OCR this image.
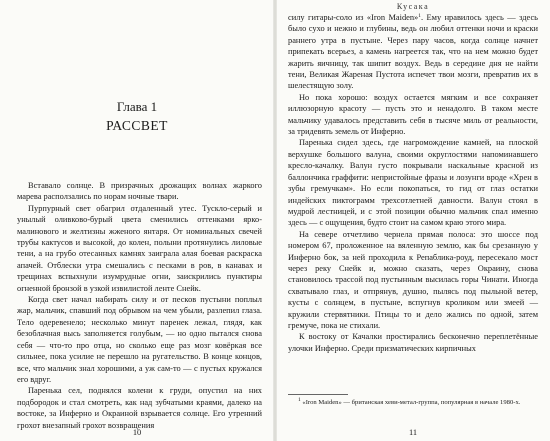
Глава 1
РАССВЕТ

Вставало солнце. В призрачных дрожащих волнах жаркого марева расползались по норам ночные твари.

Пурпурный свет обагрил отдаленный утес. Тускло-серый и унылый оливково-бурый цвета сменились оттенками ярко-малинового и желтизны жженого янтаря. От номинальных свечей трубы кактусов и высокой, до колен, полыни протянулись лиловые тени, а на грубо отесанных камнях заиграла алая боевая раскраска апачей. Отблески утра смешались с песками в ров, в канавах и трещинах вспыхнули изумрудные огни, заискрились пунктиры огненной бронзой в узкой извилистой ленте Снейк.

Когда свет начал набирать силу и от песков пустыни поплыл жар, мальчик, спавший под обрывом на чем убыли, разлепил глаза. Тело одеревенело; несколько минут паренек лежал, глядя, как безоблачная высь заполняется голубым, — но одно пытался снова себя — что-то про отца, но сколько еще раз мозг ковёркая все сильнее, пока усилие не перешло на ругательство. В конце концов, все, что мальчик знал хорошими, а уж сам-то — с пустых кружался его вдруг.

Паренька сел, поднялся колени к груди, опустил на них подбородок и стал смотреть, как над зубчатыми краями, далеко на востоке, за Инферно и Окраиной взрывается солнце. Его утренний грохот внезапный грохот возвращения

10
Кусака

силу гитары-соло из «Iron Maiden»$^1$. Ему нравилось здесь — здесь было сухо и нежно и глубины, ведь он любил оттенки ночи и краски раннего утра в пустыне. Через пару часов, когда солнце начнет припекать всерьез, а камень нагреется так, что на нем можно будет жарить яичницу, так шипит воздух. Ведь в середине дня не найти тени, Великая Жареная Пустота испечет твои мозги, превратив их в шелестящую золу.

Но пока хорошо: воздух остается мягким и все сохраняет иллюзорную красоту — пусть это и ненадолго. В таком месте мальчику удавалось представить себя в тысяче миль от реальности, за тридевять земель от Инферно.

Паренька сидел здесь, где нагромождение камней, на плоской верхушке большого валуна, своими округлостями напоминавшего кресло-качалку. Валун густо покрывали наскальные красной из баллончика граффити: непристойные фразы и лозунги вроде «Хрен в зубы гремучкам». Но если покопаться, то гид от глаз остатки индейских пиктограмм трехсотлетней давности. Валун стоял в мудрой лестницей, и с этой позиции обычно мальчик спал именно здесь — с ощущения, будто стоит на самом краю этого мира.

На севере отчетливо чернела прямая полоса: это шоссе под номером 67, проложенное на вяленную землю, как бы срезанную у Инферно бок, за ней проходила к Репаблика-роуд, пересекало мост через реку Снейк и, можно сказать, через Окраину, снова становилось трассой под пустынным высилась горы Чинати. Иногда схватывало глаз, и отпрянув, душно, пылясь под пыльной ветер, кусты с солнцем, в пустыне, вспугнув кроликом или змеей — кружили стервятники. Птицы то и дело жались по одной, затем гремуче, пока не стихали.

К востоку от Качалки простирались бесконечно переплетённые улочки Инферно. Среди призматических кирпичных

$^1$ «Iron Maiden» — британская хеви-метал-группа, популярная в начале 1980-х.
11
